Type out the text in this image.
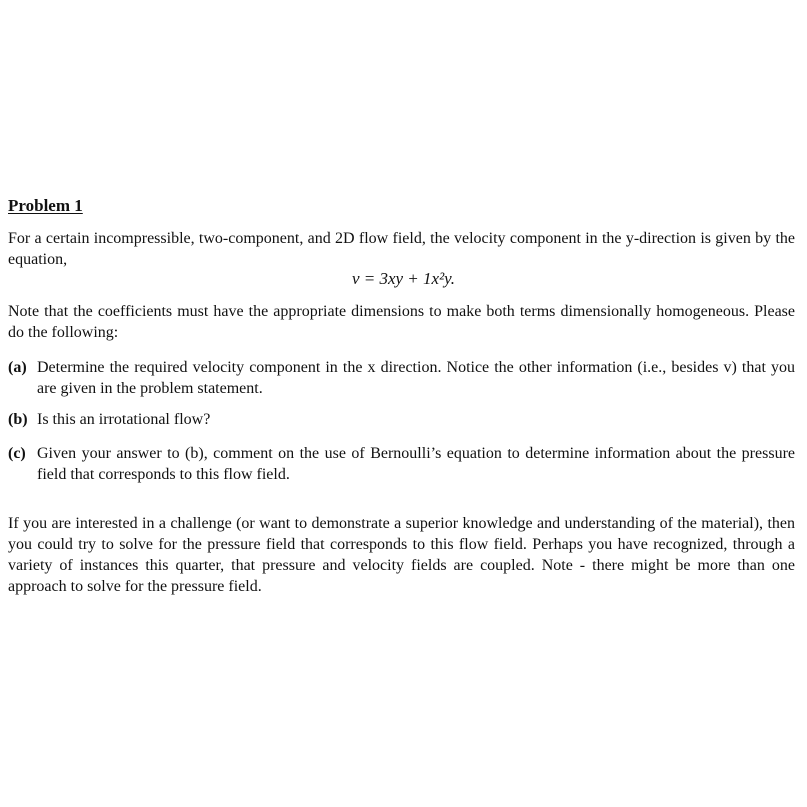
Problem 1
For a certain incompressible, two-component, and 2D flow field, the velocity component in the y-direction is given by the equation,
v = 3xy + 1x²y.
Note that the coefficients must have the appropriate dimensions to make both terms dimensionally homogeneous. Please do the following:
(a) Determine the required velocity component in the x direction. Notice the other information (i.e., besides v) that you are given in the problem statement.
(b) Is this an irrotational flow?
(c) Given your answer to (b), comment on the use of Bernoulli’s equation to determine information about the pressure field that corresponds to this flow field.
If you are interested in a challenge (or want to demonstrate a superior knowledge and understanding of the material), then you could try to solve for the pressure field that corresponds to this flow field. Perhaps you have recognized, through a variety of instances this quarter, that pressure and velocity fields are coupled. Note - there might be more than one approach to solve for the pressure field.
